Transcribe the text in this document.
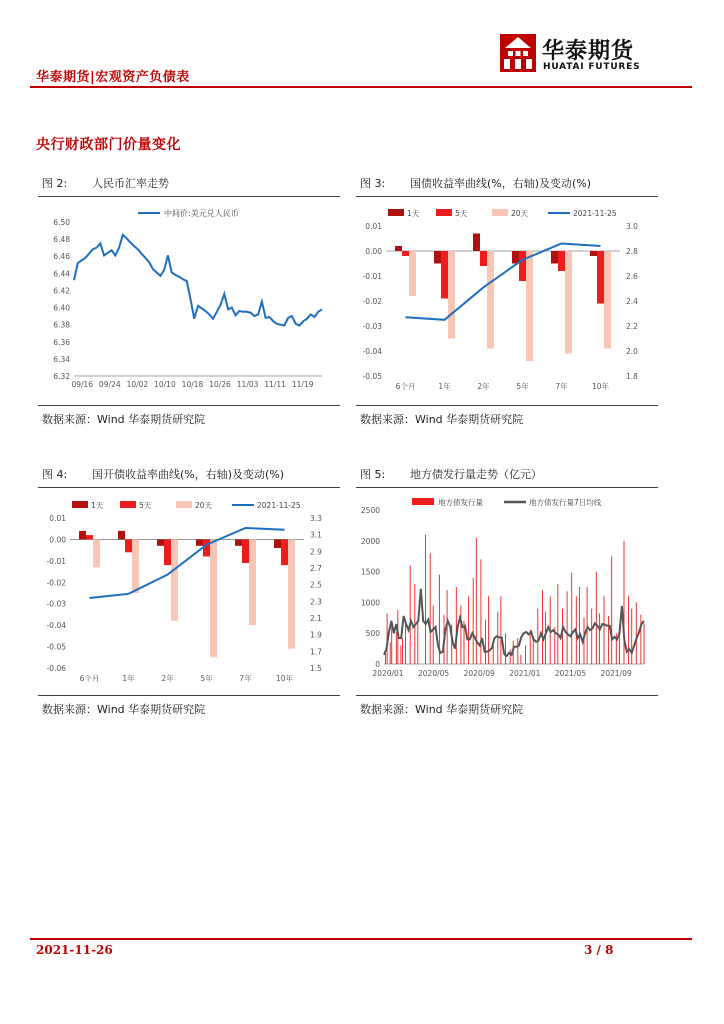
华泰期货|宏观资产负债表
华泰期货
HUATAI FUTURES
央行财政部门价量变化
图 2: 人民币汇率走势
中间价:美元兑人民币
6.50
6.48
6.46
6.44
6.42
6.40
6.38
6.36
6.34
6.32
09/16 09/24 10/02 10/10 10/18 10/26 11/03 11/11 11/19
数据来源：Wind 华泰期货研究院
图 3: 国债收益率曲线(%，右轴)及变动(%)
1天	5天	20天	2021-11-25
0.01
0.00
-0.01
-0.02
-0.03
-0.04
-0.05
3.0
2.8
2.6
2.4
2.2
2.0
1.8
6个月	1年	2年	5年	7年	10年
数据来源：Wind 华泰期货研究院
图 4: 国开债收益率曲线(%，右轴)及变动(%)
1天	5天	20天	2021-11-25
0.01
0.00
-0.01
-0.02
-0.03
-0.04
-0.05
-0.06
3.3
3.1
2.9
2.7
2.5
2.3
2.1
1.9
1.7
1.5
6个月	1年	2年	5年	7年	10年
数据来源：Wind 华泰期货研究院
图 5: 地方债发行量走势（亿元）
地方债发行量	地方债发行量7日均线
2500
2000
1500
1000
500
0
2020/01 2020/05 2020/09 2021/01 2021/05 2021/09
数据来源：Wind 华泰期货研究院
2021-11-26	3 / 8
